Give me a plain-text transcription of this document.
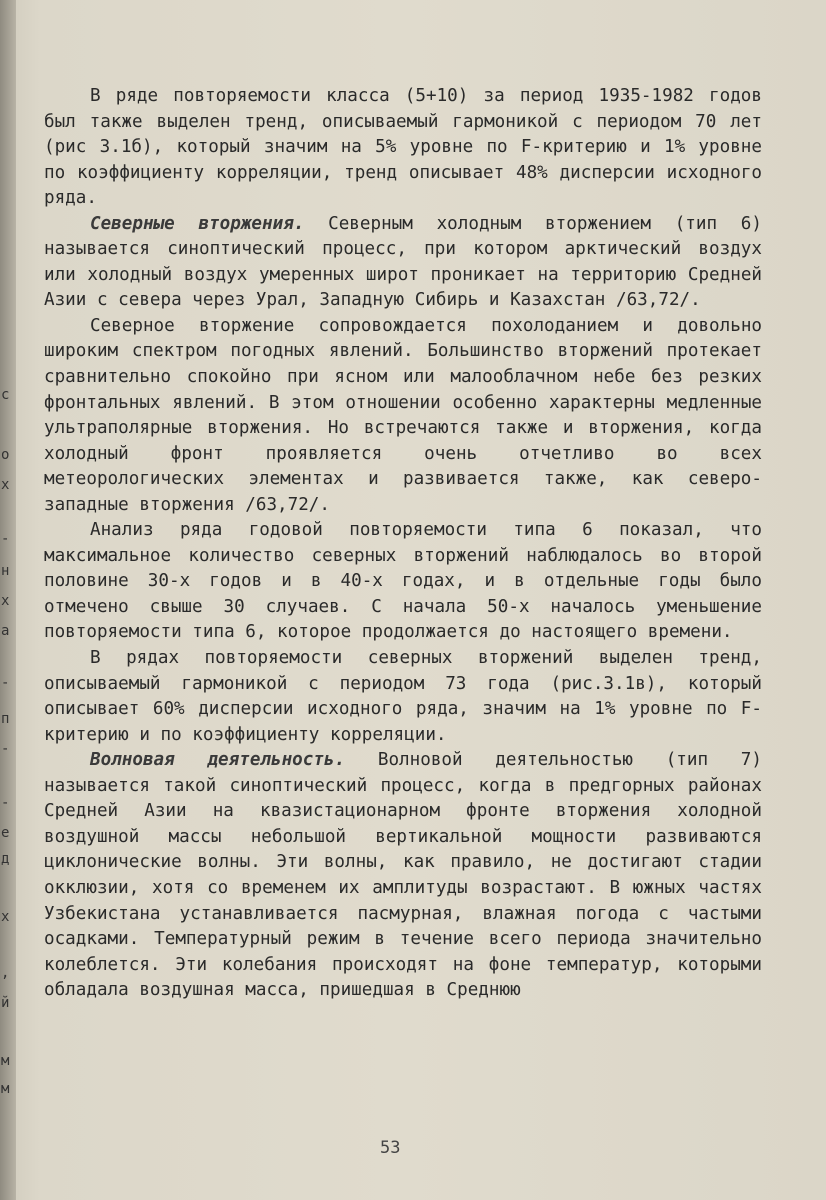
с
о
х
-
н
х
а
-
п
-
-
е
д
х
,
й
м
м

В ряде повторяемости класса (5+10) за период 1935-1982 годов был также выделен тренд, описываемый гармоникой с периодом 70 лет (рис 3.1б), который значим на 5% уровне по F-критерию и 1% уровне по коэффициенту корреляции, тренд описывает 48% дисперсии исходного ряда.

Северные вторжения. Северным холодным вторжением (тип 6) называется синоптический процесс, при котором арктический воздух или холодный воздух умеренных широт проникает на территорию Средней Азии с севера через Урал, Западную Сибирь и Казахстан /63,72/.

Северное вторжение сопровождается похолоданием и довольно широким спектром погодных явлений. Большинство вторжений протекает сравнительно спокойно при ясном или малооблачном небе без резких фронтальных явлений. В этом отношении особенно характерны медленные ультраполярные вторжения. Но встречаются также и вторжения, когда холодный фронт проявляется очень отчетливо во всех метеорологических элементах и развивается также, как северо-западные вторжения /63,72/.

Анализ ряда годовой повторяемости типа 6 показал, что максимальное количество северных вторжений наблюдалось во второй половине 30-х годов и в 40-х годах, и в отдельные годы было отмечено свыше 30 случаев. С начала 50-х началось уменьшение повторяемости типа 6, которое продолжается до настоящего времени.

В рядах повторяемости северных вторжений выделен тренд, описываемый гармоникой с периодом 73 года (рис.3.1в), который описывает 60% дисперсии исходного ряда, значим на 1% уровне по F-критерию и по коэффициенту корреляции.

Волновая деятельность. Волновой деятельностью (тип 7) называется такой синоптический процесс, когда в предгорных районах Средней Азии на квазистационарном фронте вторжения холодной воздушной массы небольшой вертикальной мощности развиваются циклонические волны. Эти волны, как правило, не достигают стадии окклюзии, хотя со временем их амплитуды возрастают. В южных частях Узбекистана устанавливается пасмурная, влажная погода с частыми осадками. Температурный режим в течение всего периода значительно колеблется. Эти колебания происходят на фоне температур, которыми обладала воздушная масса, пришедшая в Среднюю

53
